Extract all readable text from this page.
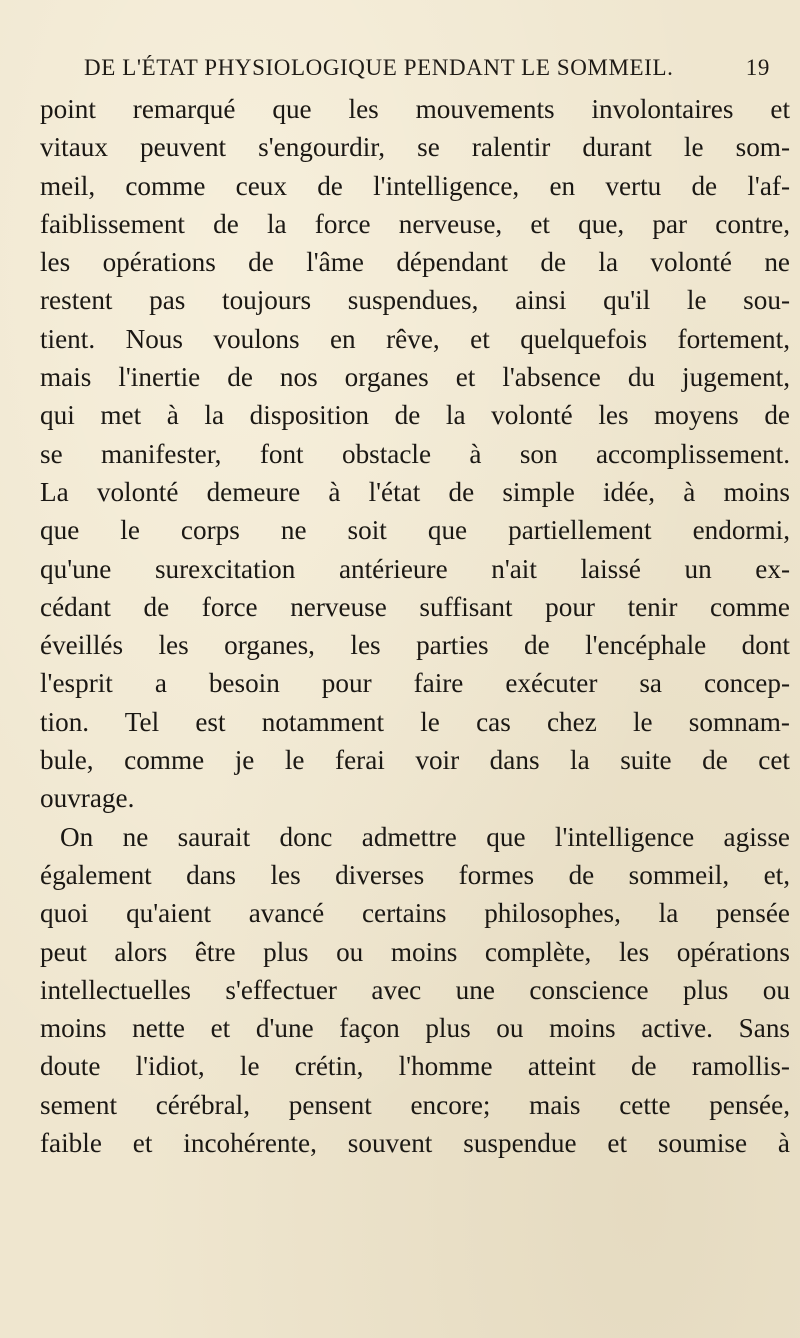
DE L'ÉTAT PHYSIOLOGIQUE PENDANT LE SOMMEIL.	19
point remarqué que les mouvements involontaires et
vitaux peuvent s'engourdir, se ralentir durant le som-
meil, comme ceux de l'intelligence, en vertu de l'af-
faiblissement de la force nerveuse, et que, par contre,
les opérations de l'âme dépendant de la volonté ne
restent pas toujours suspendues, ainsi qu'il le sou-
tient. Nous voulons en rêve, et quelquefois fortement,
mais l'inertie de nos organes et l'absence du jugement,
qui met à la disposition de la volonté les moyens de
se manifester, font obstacle à son accomplissement.
La volonté demeure à l'état de simple idée, à moins
que le corps ne soit que partiellement endormi,
qu'une surexcitation antérieure n'ait laissé un ex-
cédant de force nerveuse suffisant pour tenir comme
éveillés les organes, les parties de l'encéphale dont
l'esprit a besoin pour faire exécuter sa concep-
tion. Tel est notamment le cas chez le somnam-
bule, comme je le ferai voir dans la suite de cet
ouvrage.
On ne saurait donc admettre que l'intelligence agisse
également dans les diverses formes de sommeil, et,
quoi qu'aient avancé certains philosophes, la pensée
peut alors être plus ou moins complète, les opérations
intellectuelles s'effectuer avec une conscience plus ou
moins nette et d'une façon plus ou moins active. Sans
doute l'idiot, le crétin, l'homme atteint de ramollis-
sement cérébral, pensent encore; mais cette pensée,
faible et incohérente, souvent suspendue et soumise à
